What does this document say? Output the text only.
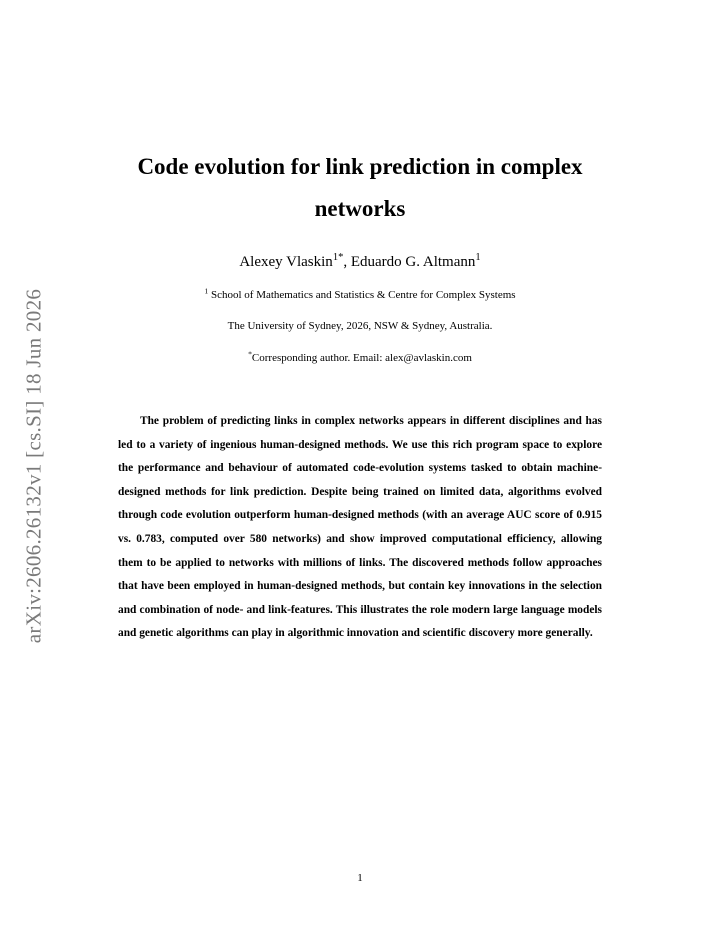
arXiv:2606.26132v1 [cs.SI] 18 Jun 2026
Code evolution for link prediction in complex
networks

Alexey Vlaskin$^{1*}$, Eduardo G. Altmann$^1$

$^1$ School of Mathematics and Statistics & Centre for Complex Systems

The University of Sydney, 2026, NSW & Sydney, Australia.

*Corresponding author. Email: alex@avlaskin.com

The problem of predicting links in complex networks appears in different disciplines and has led to a variety of ingenious human-designed methods. We use this rich program space to explore the performance and behaviour of automated code-evolution systems tasked to obtain machine-designed methods for link prediction. Despite being trained on limited data, algorithms evolved through code evolution outperform human-designed methods (with an average AUC score of 0.915 vs. 0.783, computed over 580 networks) and show improved computational efficiency, allowing them to be applied to networks with millions of links. The discovered methods follow approaches that have been employed in human-designed methods, but contain key innovations in the selection and combination of node- and link-features. This illustrates the role modern large language models and genetic algorithms can play in algorithmic innovation and scientific discovery more generally.

1
